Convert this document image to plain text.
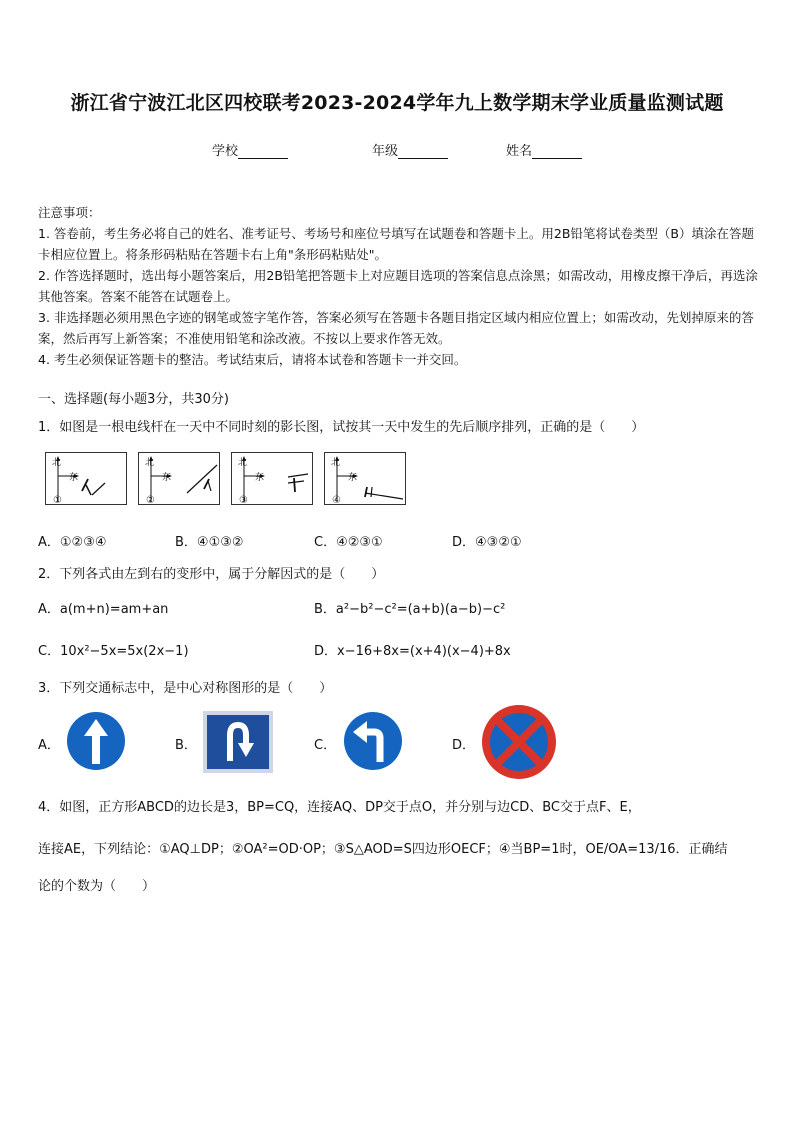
浙江省宁波江北区四校联考2023-2024学年九上数学期末学业质量监测试题
学校	年级	姓名

注意事项：

1. 答卷前，考生务必将自己的姓名、准考证号、考场号和座位号填写在试题卷和答题卡上。用2B铅笔将试卷类型（B）填涂在答题卡相应位置上。将条形码粘贴在答题卡右上角"条形码粘贴处"。

2. 作答选择题时，选出每小题答案后，用2B铅笔把答题卡上对应题目选项的答案信息点涂黑；如需改动，用橡皮擦干净后，再选涂其他答案。答案不能答在试题卷上。

3. 非选择题必须用黑色字迹的钢笔或签字笔作答，答案必须写在答题卡各题目指定区域内相应位置上；如需改动，先划掉原来的答案，然后再写上新答案；不准使用铅笔和涂改液。不按以上要求作答无效。

4. 考生必须保证答题卡的整洁。考试结束后，请将本试卷和答题卡一并交回。

一、选择题(每小题3分，共30分)
1．如图是一根电线杆在一天中不同时刻的影长图，试按其一天中发生的先后顺序排列，正确的是（　　）
北
东
①
北
东
②
北
东
③
北
东
④
A．①②③④	B．④①③②	C．④②③①	D．④③②①
2．下列各式由左到右的变形中，属于分解因式的是（　　）
A．a(m+n)=am+an	B．a²−b²−c²=(a+b)(a−b)−c²
C．10x²−5x=5x(2x−1)	D．x−16+8x=(x+4)(x−4)+8x
3．下列交通标志中，是中心对称图形的是（　　）
A．	B．	C．	D．
4．如图，正方形ABCD的边长是3，BP=CQ，连接AQ、DP交于点O，并分别与边CD、BC交于点F、E，
连接AE，下列结论：①AQ⊥DP；②OA²=OD·OP；③S△AOD=S四边形OECF；④当BP=1时，OE/OA=13/16．正确结
论的个数为（　　）
